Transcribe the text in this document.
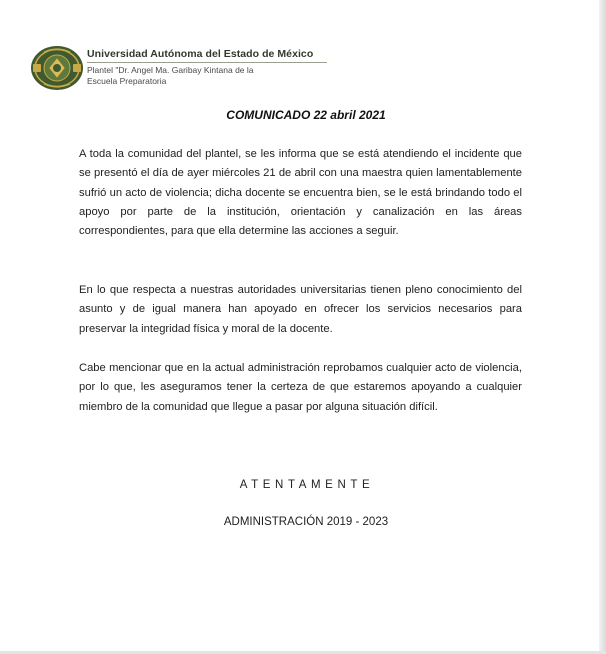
Universidad Autónoma del Estado de México
Plantel "Dr. Angel Ma. Garibay Kintana de la
Escuela Preparatoria
COMUNICADO 22 abril 2021

A toda la comunidad del plantel, se les informa que se está atendiendo el incidente que se presentó el día de ayer miércoles 21 de abril con una maestra quien lamentablemente sufrió un acto de violencia; dicha docente se encuentra bien, se le está brindando todo el apoyo por parte de la institución, orientación y canalización en las áreas correspondientes, para que ella determine las acciones a seguir.

En lo que respecta a nuestras autoridades universitarias tienen pleno conocimiento del asunto y de igual manera han apoyado en ofrecer los servicios necesarios para preservar la integridad física y moral de la docente.

Cabe mencionar que en la actual administración reprobamos cualquier acto de violencia, por lo que, les aseguramos tener la certeza de que estaremos apoyando a cualquier miembro de la comunidad que llegue a pasar por alguna situación difícil.

ATENTAMENTE
ADMINISTRACIÓN 2019 - 2023
